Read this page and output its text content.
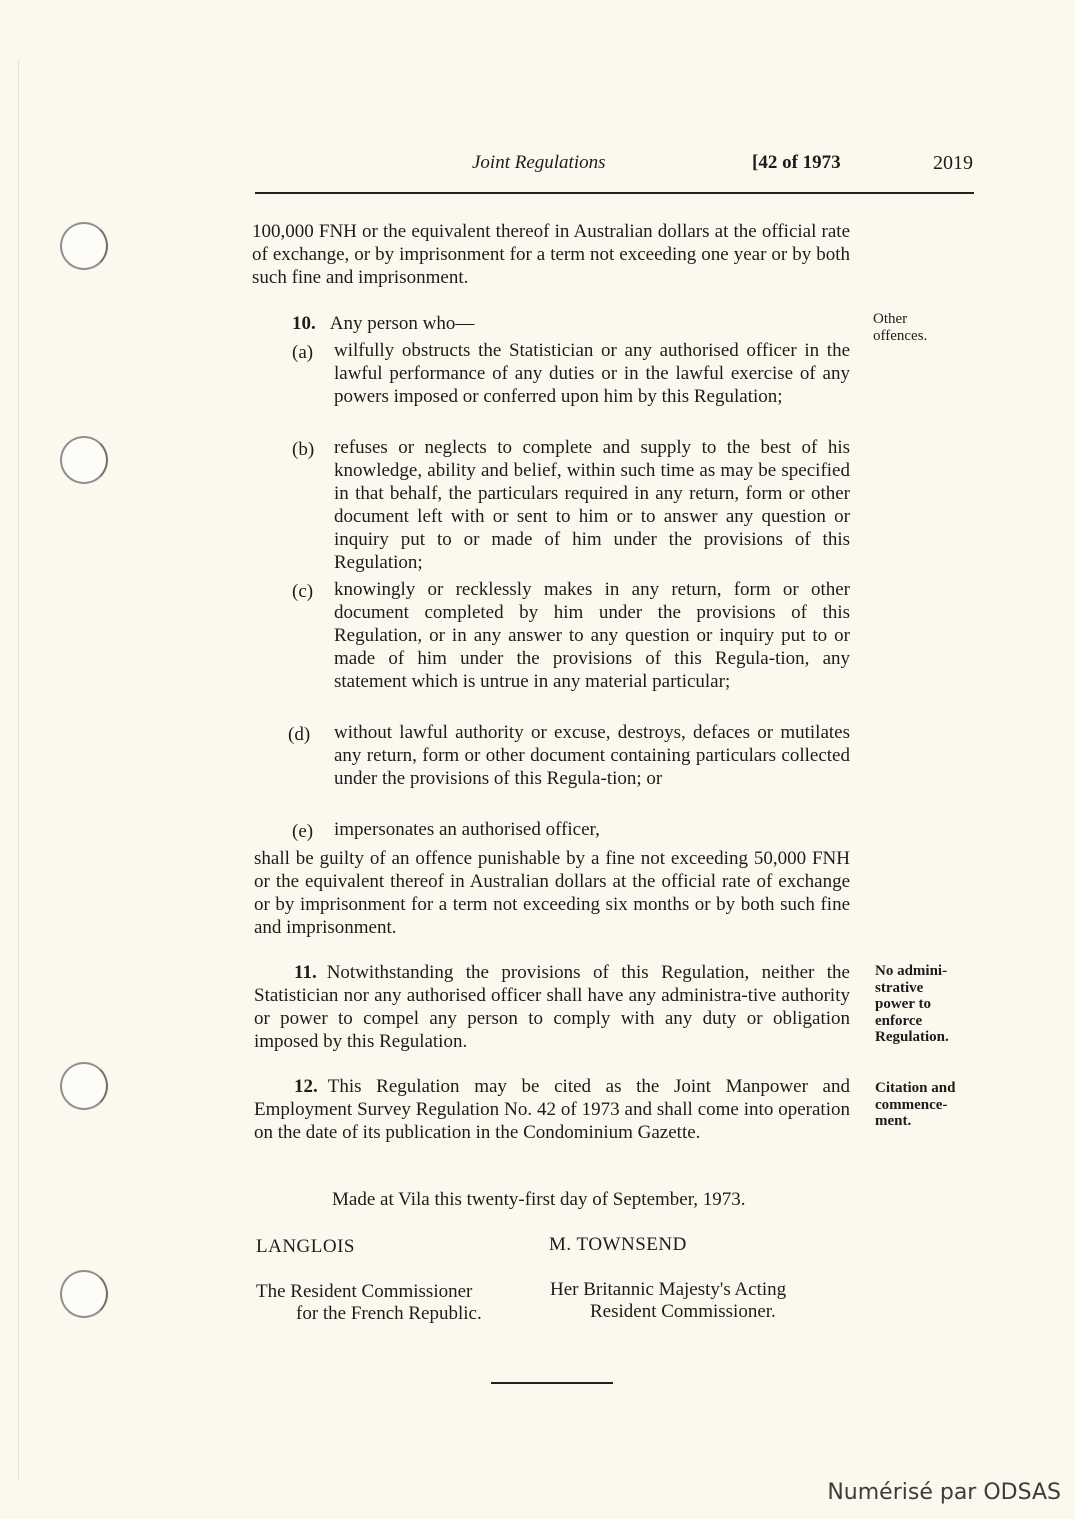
Joint Regulations	[42 of 1973	2019
100,000 FNH or the equivalent thereof in Australian dollars at the official rate of exchange, or by imprisonment for a term not exceeding one year or by both such fine and imprisonment.
10. Any person who—	Other offences.
(a) wilfully obstructs the Statistician or any authorised officer in the lawful performance of any duties or in the lawful exercise of any powers imposed or conferred upon him by this Regulation;
(b) refuses or neglects to complete and supply to the best of his knowledge, ability and belief, within such time as may be specified in that behalf, the particulars required in any return, form or other document left with or sent to him or to answer any question or inquiry put to or made of him under the provisions of this Regulation;
(c) knowingly or recklessly makes in any return, form or other document completed by him under the provisions of this Regulation, or in any answer to any question or inquiry put to or made of him under the provisions of this Regula-tion, any statement which is untrue in any material particular;
(d) without lawful authority or excuse, destroys, defaces or mutilates any return, form or other document containing particulars collected under the provisions of this Regula-tion; or
(e) impersonates an authorised officer,
shall be guilty of an offence punishable by a fine not exceeding 50,000 FNH or the equivalent thereof in Australian dollars at the official rate of exchange or by imprisonment for a term not exceeding six months or by both such fine and imprisonment.
11. Notwithstanding the provisions of this Regulation, neither the Statistician nor any authorised officer shall have any administra-tive authority or power to compel any person to comply with any duty or obligation imposed by this Regulation.
No admini-strative power to enforce Regulation.
12. This Regulation may be cited as the Joint Manpower and Employment Survey Regulation No. 42 of 1973 and shall come into operation on the date of its publication in the Condominium Gazette.
Citation and commence-ment.
Made at Vila this twenty-first day of September, 1973.
LANGLOIS	M. TOWNSEND
The Resident Commissioner
for the French Republic.
Her Britannic Majesty's Acting
Resident Commissioner.
Numérisé par ODSAS
